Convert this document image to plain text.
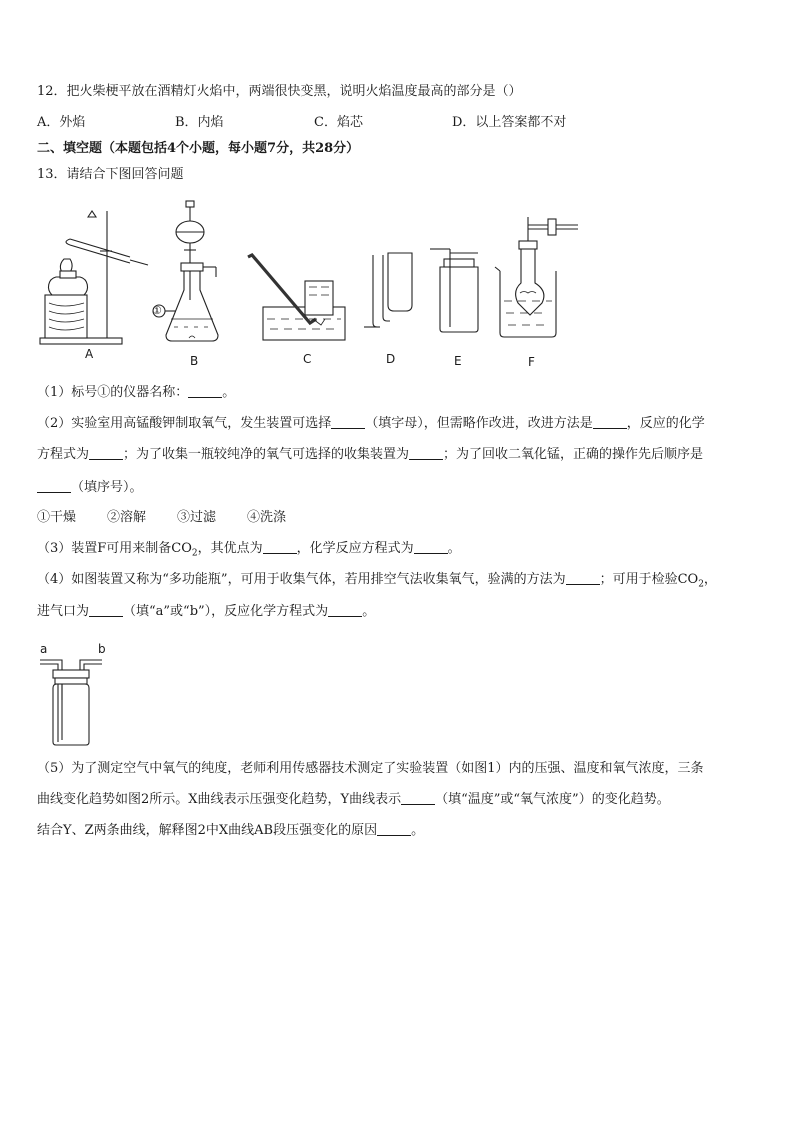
12．把火柴梗平放在酒精灯火焰中，两端很快变黑，说明火焰温度最高的部分是（）
A．外焰	B．内焰	C．焰芯	D．以上答案都不对
二、填空题（本题包括4个小题，每小题7分，共28分）
13．请结合下图回答问题
A	B	C	D	E	F
①
（1）标号①的仪器名称：	。
（2）实验室用高锰酸钾制取氧气，发生装置可选择	（填字母），但需略作改进，改进方法是	，反应的化学
方程式为	；为了收集一瓶较纯净的氧气可选择的收集装置为	；为了回收二氧化锰，正确的操作先后顺序是
（填序号）。
①干燥 ②溶解 ③过滤 ④洗涤
（3）装置F可用来制备$CO_2$，其优点为	，化学反应方程式为	。
（4）如图装置又称为“多功能瓶”，可用于收集气体，若用排空气法收集氧气，验满的方法为	；可用于检验$CO_2$，
进气口为	（填“a”或“b”），反应化学方程式为	。
a	b
（5）为了测定空气中氧气的纯度，老师利用传感器技术测定了实验装置（如图1）内的压强、温度和氧气浓度，三条
曲线变化趋势如图2所示。X曲线表示压强变化趋势，Y曲线表示	（填“温度”或“氧气浓度”）的变化趋势。
结合Y、Z两条曲线，解释图2中X曲线AB段压强变化的原因	。
